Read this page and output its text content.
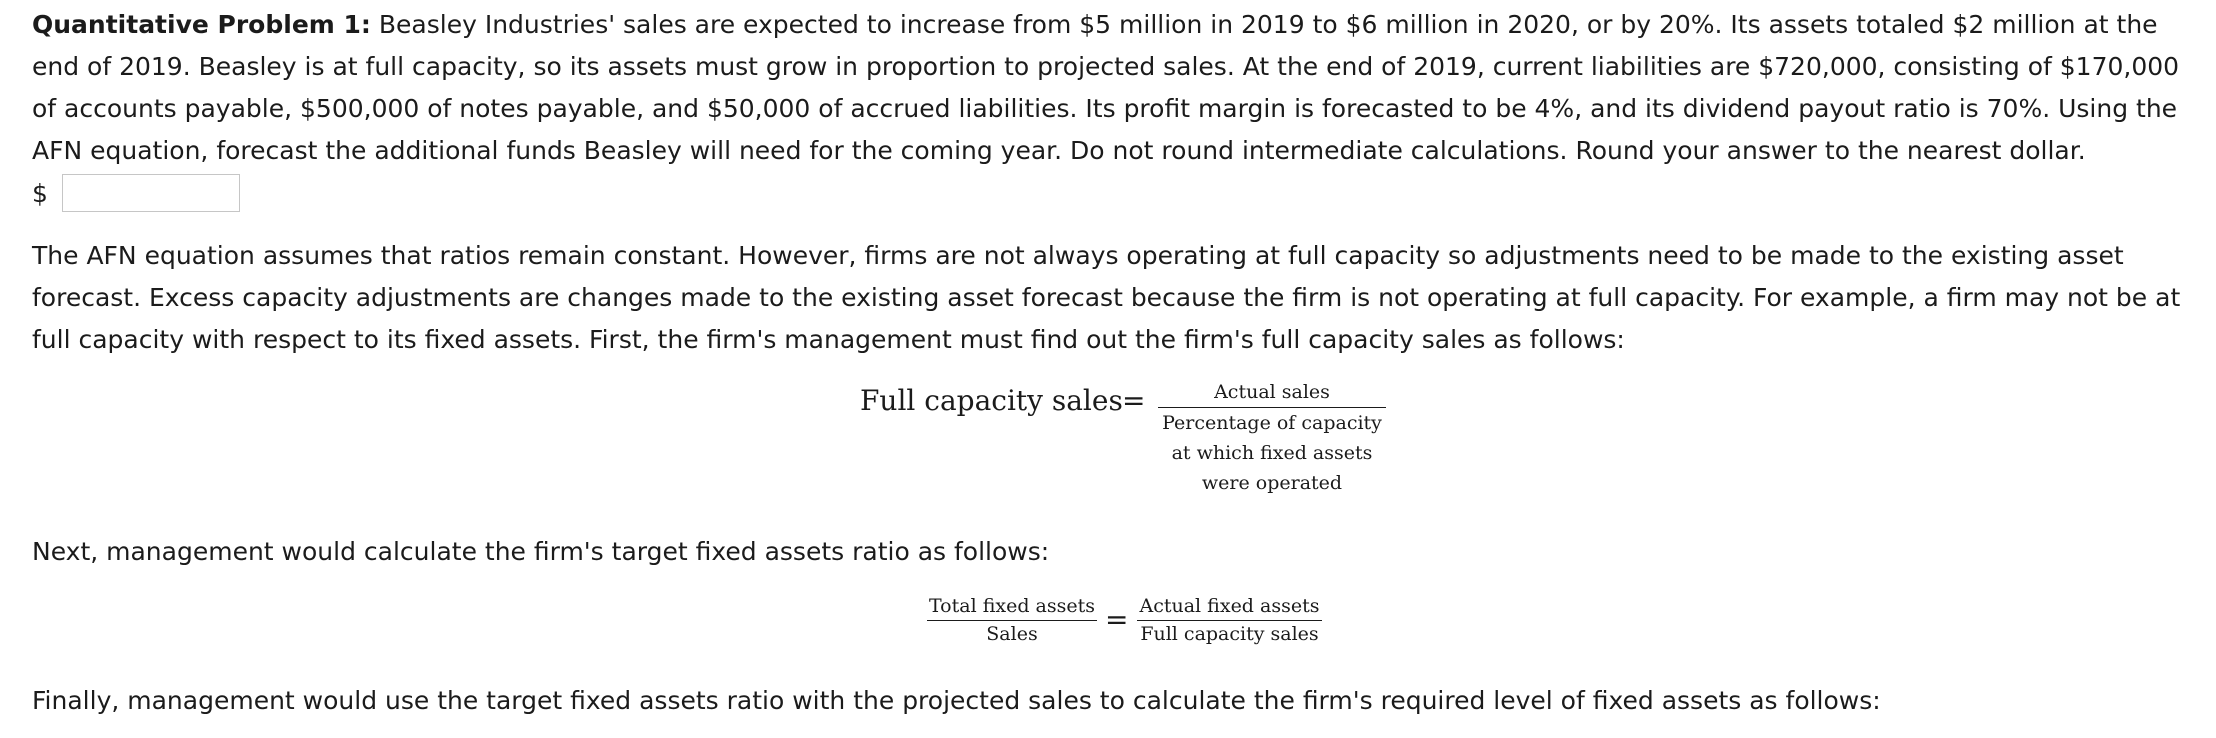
Quantitative Problem 1: Beasley Industries' sales are expected to increase from $5 million in 2019 to $6 million in 2020, or by 20%. Its assets totaled $2 million at the end of 2019. Beasley is at full capacity, so its assets must grow in proportion to projected sales. At the end of 2019, current liabilities are $720,000, consisting of $170,000 of accounts payable, $500,000 of notes payable, and $50,000 of accrued liabilities. Its profit margin is forecasted to be 4%, and its dividend payout ratio is 70%. Using the AFN equation, forecast the additional funds Beasley will need for the coming year. Do not round intermediate calculations. Round your answer to the nearest dollar.

$

The AFN equation assumes that ratios remain constant. However, firms are not always operating at full capacity so adjustments need to be made to the existing asset forecast. Excess capacity adjustments are changes made to the existing asset forecast because the firm is not operating at full capacity. For example, a firm may not be at full capacity with respect to its fixed assets. First, the firm's management must find out the firm's full capacity sales as follows:

Full capacity sales =	Actual sales
Percentage of capacity
at which fixed assets
were operated

Next, management would calculate the firm's target fixed assets ratio as follows:

Total fixed assets
Sales	= Actual fixed assets
Full capacity sales

Finally, management would use the target fixed assets ratio with the projected sales to calculate the firm's required level of fixed assets as follows:
